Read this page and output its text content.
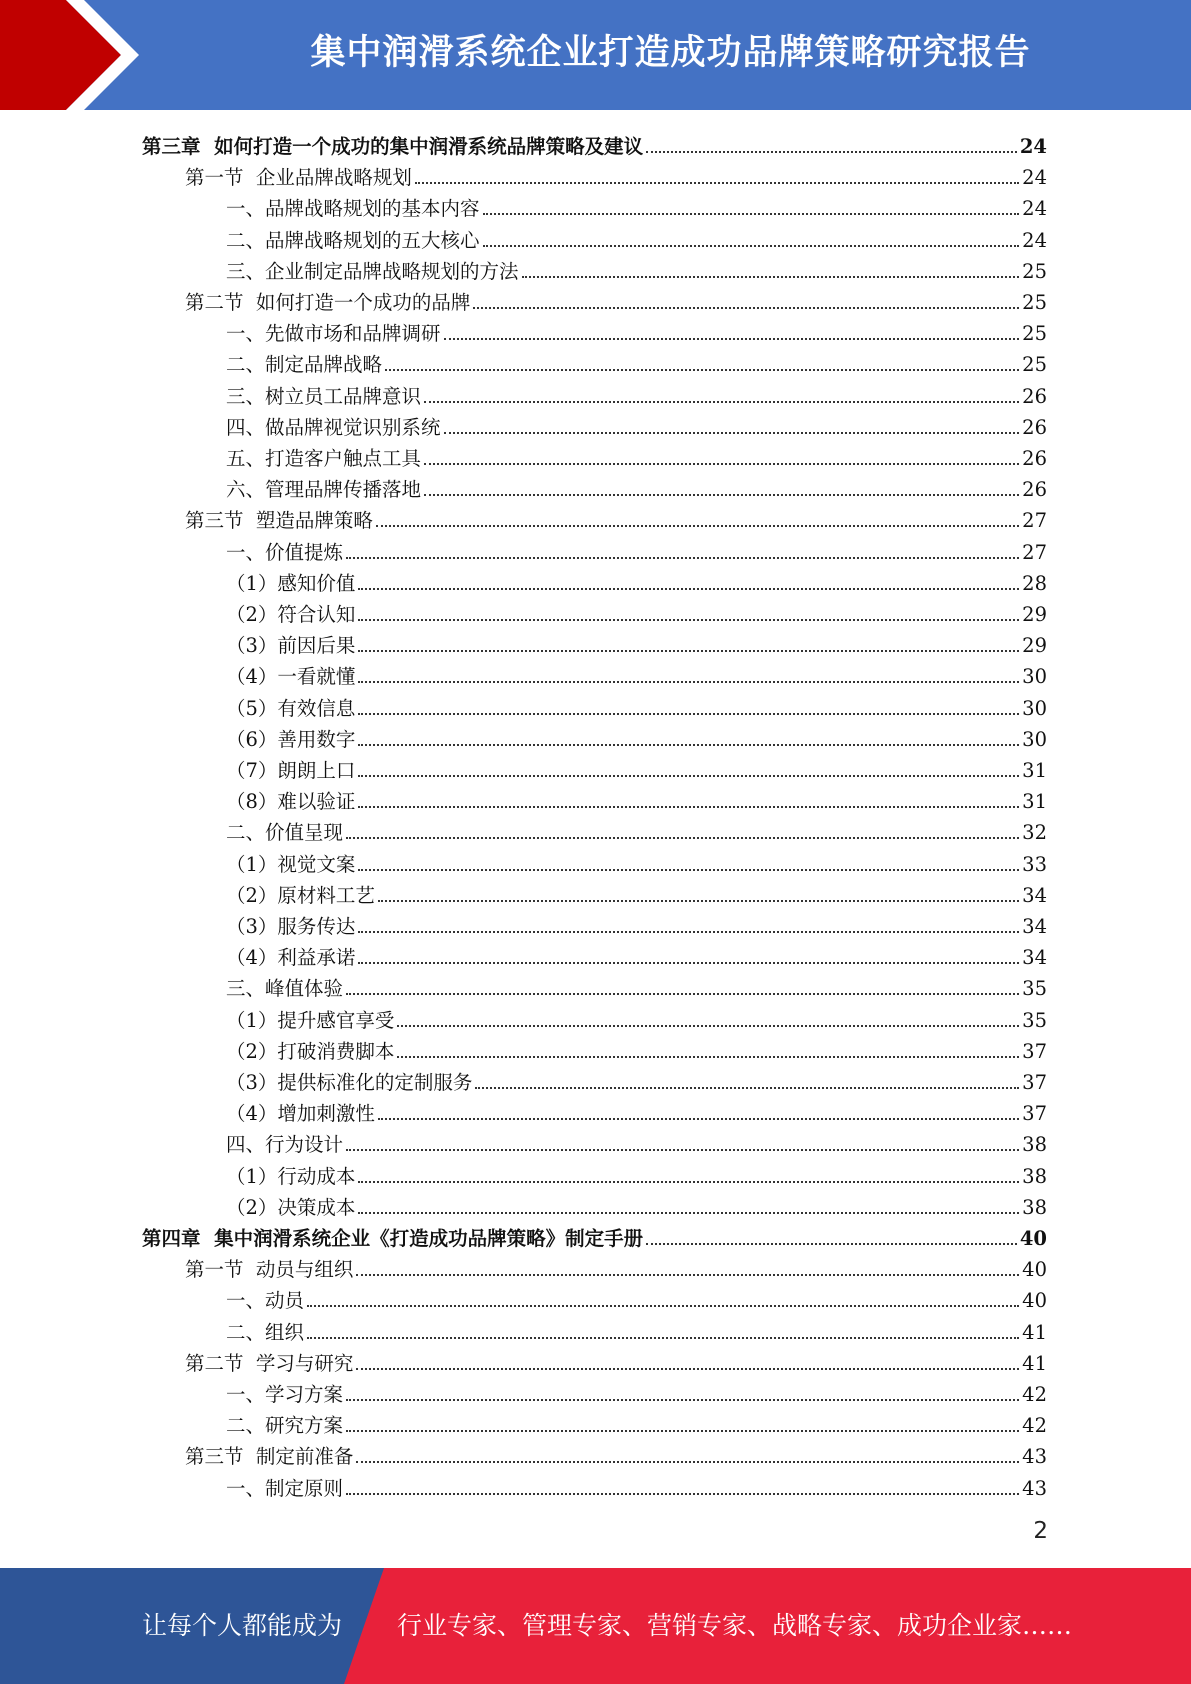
集中润滑系统企业打造成功品牌策略研究报告
第三章  如何打造一个成功的集中润滑系统品牌策略及建议	24
第一节  企业品牌战略规划	24
一、品牌战略规划的基本内容	24
二、品牌战略规划的五大核心	24
三、企业制定品牌战略规划的方法	25
第二节  如何打造一个成功的品牌	25
一、先做市场和品牌调研	25
二、制定品牌战略	25
三、树立员工品牌意识	26
四、做品牌视觉识别系统	26
五、打造客户触点工具	26
六、管理品牌传播落地	26
第三节  塑造品牌策略	27
一、价值提炼	27
（1）感知价值	28
（2）符合认知	29
（3）前因后果	29
（4）一看就懂	30
（5）有效信息	30
（6）善用数字	30
（7）朗朗上口	31
（8）难以验证	31
二、价值呈现	32
（1）视觉文案	33
（2）原材料工艺	34
（3）服务传达	34
（4）利益承诺	34
三、峰值体验	35
（1）提升感官享受	35
（2）打破消费脚本	37
（3）提供标准化的定制服务	37
（4）增加刺激性	37
四、行为设计	38
（1）行动成本	38
（2）决策成本	38
第四章  集中润滑系统企业《打造成功品牌策略》制定手册	40
第一节  动员与组织	40
一、动员	40
二、组织	41
第二节  学习与研究	41
一、学习方案	42
二、研究方案	42
第三节  制定前准备	43
一、制定原则	43
2
让每个人都能成为 行业专家、管理专家、营销专家、战略专家、成功企业家……
